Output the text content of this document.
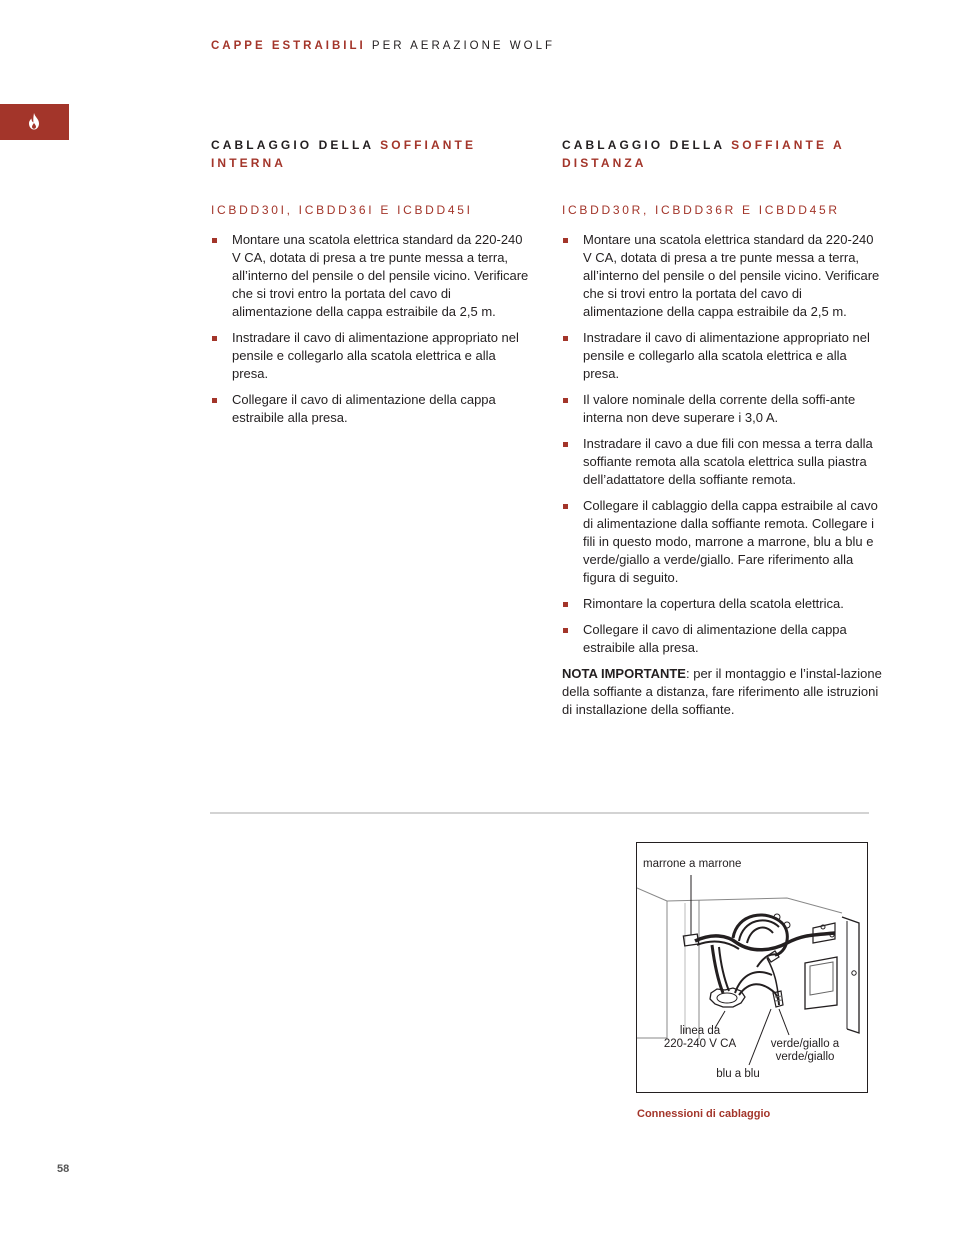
CAPPE ESTRAIBILI PER AERAZIONE WOLF
CABLAGGIO DELLA SOFFIANTE INTERNA
ICBDD30I, ICBDD36I E ICBDD45I
Montare una scatola elettrica standard da 220-240 V CA, dotata di presa a tre punte messa a terra, all’interno del pensile o del pensile vicino. Verificare che si trovi entro la portata del cavo di alimentazione della cappa estraibile da 2,5 m.
Instradare il cavo di alimentazione appropriato nel pensile e collegarlo alla scatola elettrica e alla presa.
Collegare il cavo di alimentazione della cappa estraibile alla presa.
CABLAGGIO DELLA SOFFIANTE A DISTANZA
ICBDD30R, ICBDD36R E ICBDD45R
Montare una scatola elettrica standard da 220-240 V CA, dotata di presa a tre punte messa a terra, all’interno del pensile o del pensile vicino. Verificare che si trovi entro la portata del cavo di alimentazione della cappa estraibile da 2,5 m.
Instradare il cavo di alimentazione appropriato nel pensile e collegarlo alla scatola elettrica e alla presa.
Il valore nominale della corrente della soffi-ante interna non deve superare i 3,0 A.
Instradare il cavo a due fili con messa a terra dalla soffiante remota alla scatola elettrica sulla piastra dell’adattatore della soffiante remota.
Collegare il cablaggio della cappa estraibile al cavo di alimentazione dalla soffiante remota. Collegare i fili in questo modo, marrone a marrone, blu a blu e verde/giallo a verde/giallo. Fare riferimento alla figura di seguito.
Rimontare la copertura della scatola elettrica.
Collegare il cavo di alimentazione della cappa estraibile alla presa.
NOTA IMPORTANTE: per il montaggio e l’instal-lazione della soffiante a distanza, fare riferimento alle istruzioni di installazione della soffiante.
marrone a marrone
linea da
220-240 V CA	verde/giallo a
verde/giallo
blu a blu
Connessioni di cablaggio
58
